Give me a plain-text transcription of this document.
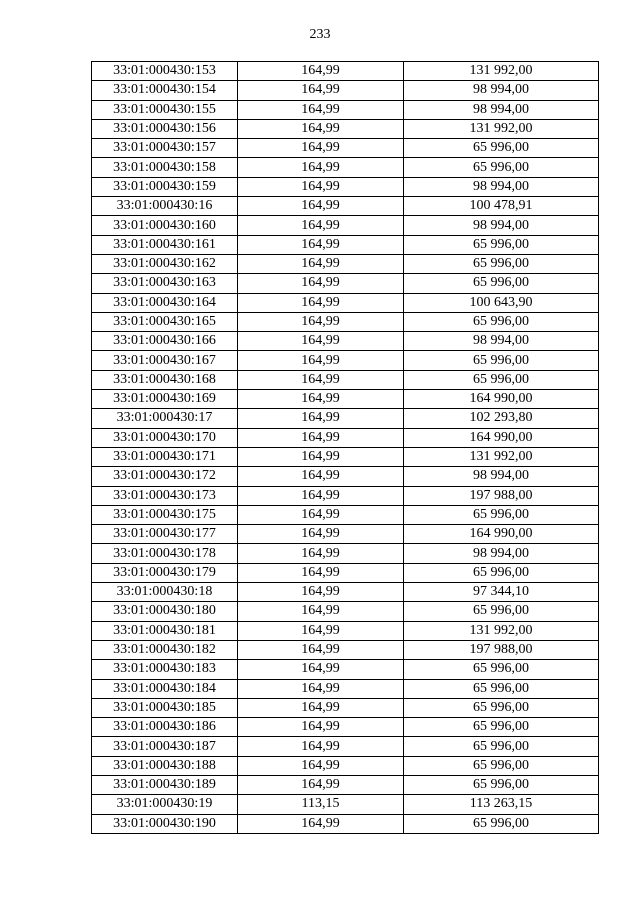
233
33:01:000430:153	164,99	131 992,00
33:01:000430:154	164,99	98 994,00
33:01:000430:155	164,99	98 994,00
33:01:000430:156	164,99	131 992,00
33:01:000430:157	164,99	65 996,00
33:01:000430:158	164,99	65 996,00
33:01:000430:159	164,99	98 994,00
33:01:000430:16	164,99	100 478,91
33:01:000430:160	164,99	98 994,00
33:01:000430:161	164,99	65 996,00
33:01:000430:162	164,99	65 996,00
33:01:000430:163	164,99	65 996,00
33:01:000430:164	164,99	100 643,90
33:01:000430:165	164,99	65 996,00
33:01:000430:166	164,99	98 994,00
33:01:000430:167	164,99	65 996,00
33:01:000430:168	164,99	65 996,00
33:01:000430:169	164,99	164 990,00
33:01:000430:17	164,99	102 293,80
33:01:000430:170	164,99	164 990,00
33:01:000430:171	164,99	131 992,00
33:01:000430:172	164,99	98 994,00
33:01:000430:173	164,99	197 988,00
33:01:000430:175	164,99	65 996,00
33:01:000430:177	164,99	164 990,00
33:01:000430:178	164,99	98 994,00
33:01:000430:179	164,99	65 996,00
33:01:000430:18	164,99	97 344,10
33:01:000430:180	164,99	65 996,00
33:01:000430:181	164,99	131 992,00
33:01:000430:182	164,99	197 988,00
33:01:000430:183	164,99	65 996,00
33:01:000430:184	164,99	65 996,00
33:01:000430:185	164,99	65 996,00
33:01:000430:186	164,99	65 996,00
33:01:000430:187	164,99	65 996,00
33:01:000430:188	164,99	65 996,00
33:01:000430:189	164,99	65 996,00
33:01:000430:19	113,15	113 263,15
33:01:000430:190	164,99	65 996,00
